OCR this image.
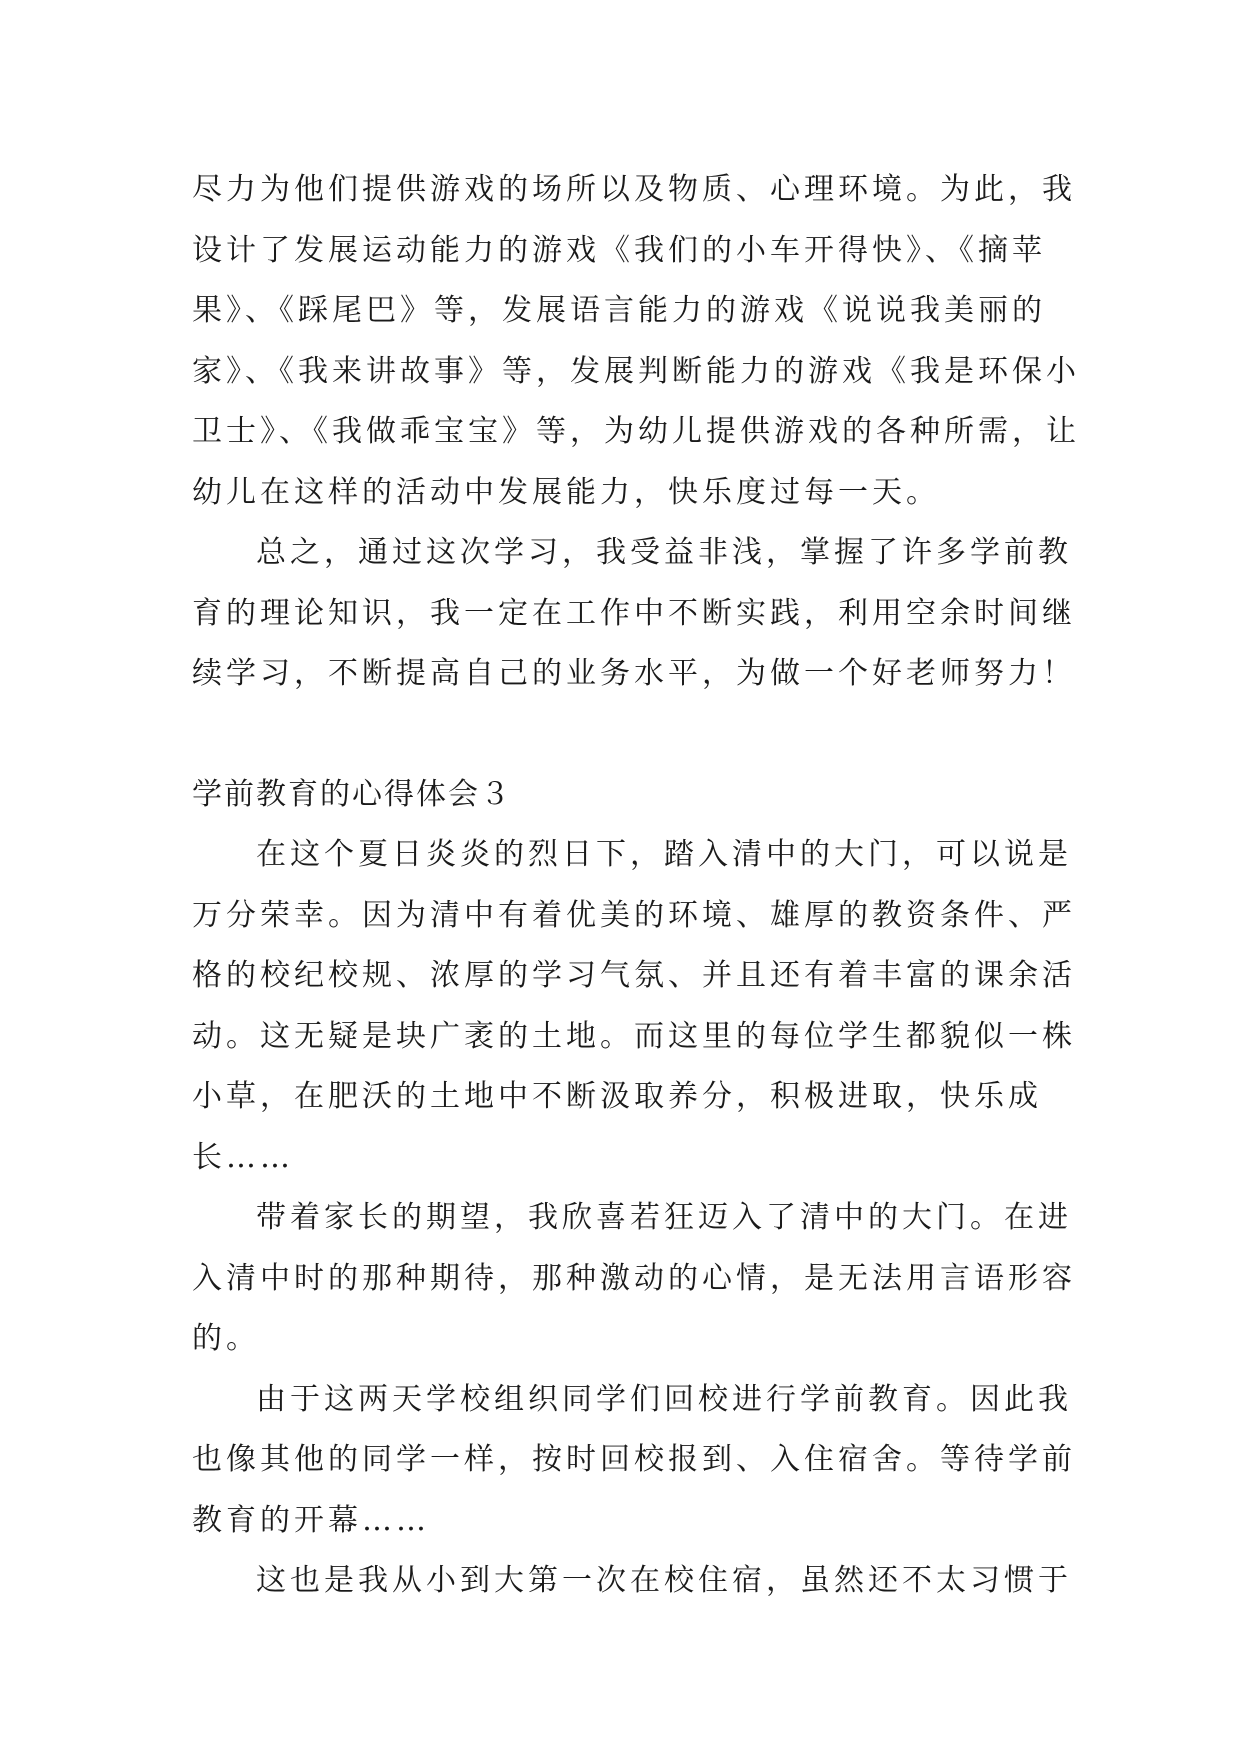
尽力为他们提供游戏的场所以及物质、心理环境。为此，我
设计了发展运动能力的游戏《我们的小车开得快》、《摘苹
果》、《踩尾巴》等，发展语言能力的游戏《说说我美丽的
家》、《我来讲故事》等，发展判断能力的游戏《我是环保小
卫士》、《我做乖宝宝》等，为幼儿提供游戏的各种所需，让
幼儿在这样的活动中发展能力，快乐度过每一天。
总之，通过这次学习，我受益非浅，掌握了许多学前教
育的理论知识，我一定在工作中不断实践，利用空余时间继
续学习，不断提高自己的业务水平，为做一个好老师努力！
学前教育的心得体会３
在这个夏日炎炎的烈日下，踏入清中的大门，可以说是
万分荣幸。因为清中有着优美的环境、雄厚的教资条件、严
格的校纪校规、浓厚的学习气氛、并且还有着丰富的课余活
动。这无疑是块广袤的土地。而这里的每位学生都貌似一株
小草，在肥沃的土地中不断汲取养分，积极进取，快乐成
长……
带着家长的期望，我欣喜若狂迈入了清中的大门。在进
入清中时的那种期待，那种激动的心情，是无法用言语形容
的。
由于这两天学校组织同学们回校进行学前教育。因此我
也像其他的同学一样，按时回校报到、入住宿舍。等待学前
教育的开幕……
这也是我从小到大第一次在校住宿，虽然还不太习惯于
